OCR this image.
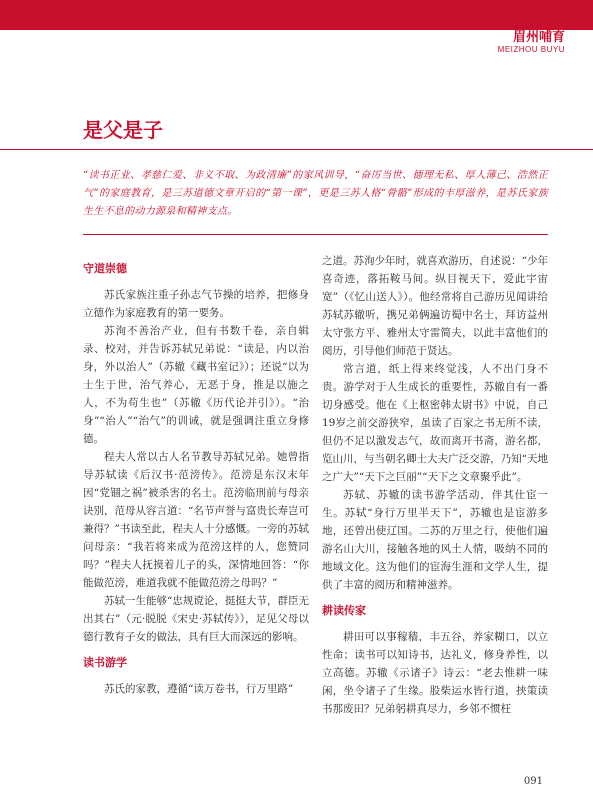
眉州哺育
MEIZHOU BUYU
是父是子

“读书正业、孝慈仁爱、非义不取、为政清廉”的家风训导，“奋厉当世、德理无私、厚人薄己、浩然正气”的家庭教育，是三苏道德文章开启的“第一课”，更是三苏人格“骨骼”形成的丰厚滋养，是苏氏家族生生不息的动力源泉和精神支点。

守道崇德

苏氏家族注重子孙志气节操的培养，把修身立德作为家庭教育的第一要务。

苏洵不善治产业，但有书数千卷，亲自辑录、校对，并告诉苏轼兄弟说：“读是，内以治身，外以治人”（苏辙《藏书室记》）；还说“以为士生于世，治气养心，无恶于身，推是以施之人，不为苟生也”（苏辙《历代论并引》）。“治身”“治人”“治气”的训诫，就是强调注重立身修德。

程夫人常以古人名节教导苏轼兄弟。她曾指导苏轼读《后汉书·范滂传》。范滂是东汉末年因“党锢之祸”被杀害的名士。范滂临刑前与母亲诀别，范母从容言道：“名节声誉与富贵长寿岂可兼得？”书读至此，程夫人十分感慨。一旁的苏轼问母亲：“我若将来成为范滂这样的人，您赞同吗？”程夫人抚摸着儿子的头，深情地回答：“你能做范滂，难道我就不能做范滂之母吗？”

苏轼一生能够“忠规谠论，挺挺大节，群臣无出其右”（元·脱脱《宋史·苏轼传》），足见父母以德行教育子女的做法，具有巨大而深远的影响。

读书游学

苏氏的家教，遵循“读万卷书，行万里路”

之道。苏洵少年时，就喜欢游历，自述说：“少年喜奇迹，落拓鞍马间。纵目视天下，爱此宇宙宽”（《忆山送人》）。他经常将自己游历见闻讲给苏轼苏辙听，携兄弟俩遍访蜀中名士，拜访益州太守张方平、雅州太守雷简夫，以此丰富他们的阅历，引导他们师范于贤达。

常言道，纸上得来终觉浅，人不出门身不贵。游学对于人生成长的重要性，苏辙自有一番切身感受。他在《上枢密韩太尉书》中说，自己19岁之前交游狭窄，虽读了百家之书无所不读，但仍不足以激发志气，故而离开书斋，游名都，览山川，与当朝名卿士大夫广泛交游，乃知“天地之广大”“天下之巨丽”“天下之文章聚乎此”。

苏轼、苏辙的读书游学活动，伴其仕宦一生。苏轼“身行万里半天下”，苏辙也是宦游多地，还曾出使辽国。二苏的万里之行，使他们遍游名山大川，接触各地的风土人情，吸纳不同的地域文化。这为他们的宦海生涯和文学人生，提供了丰富的阅历和精神滋养。

耕读传家

耕田可以事稼穑，丰五谷，养家糊口，以立性命；读书可以知诗书，达礼义，修身养性，以立高德。苏辙《示诸子》诗云：“老去惟耕一味闲，坐令诸子了生缘。股柴运水皆行道，挟策读书那废田？兄弟躬耕真尽力，乡邻不惯枉

091
